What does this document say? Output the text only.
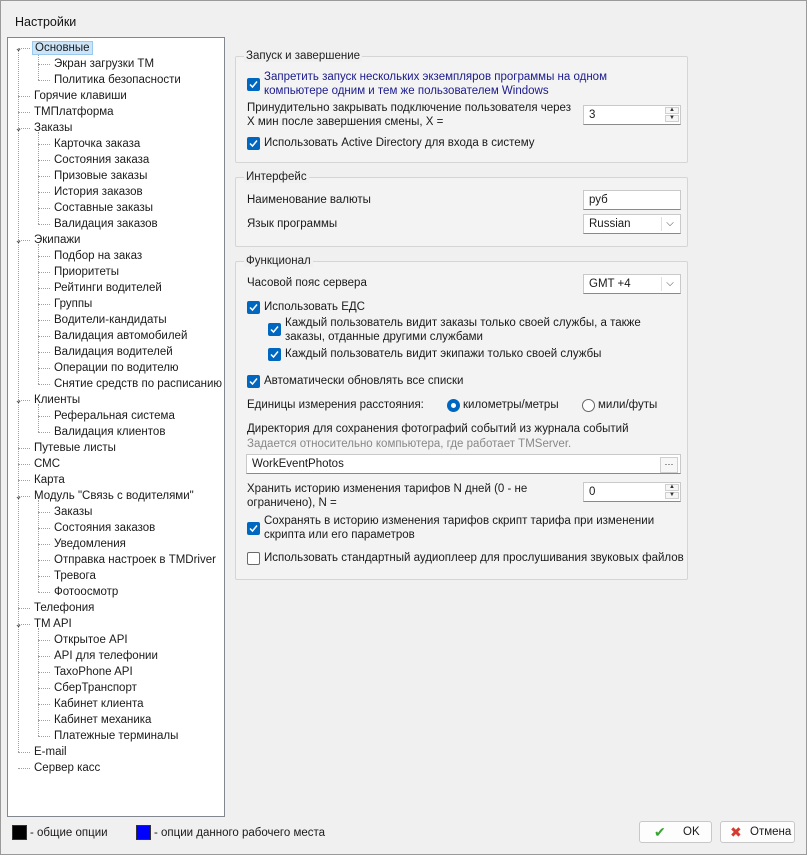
Настройки
Основные
⌄
Экран загрузки TM
Политика безопасности
Горячие клавиши
TMПлатформа
Заказы
⌄
Карточка заказа
Состояния заказа
Призовые заказы
История заказов
Составные заказы
Валидация заказов
Экипажи
⌄
Подбор на заказ
Приоритеты
Рейтинги водителей
Группы
Водители-кандидаты
Валидация автомобилей
Валидация водителей
Операции по водителю
Снятие средств по расписанию
Клиенты
⌄
Реферальная система
Валидация клиентов
Путевые листы
СМС
Карта
Модуль "Связь с водителями"
⌄
Заказы
Состояния заказов
Уведомления
Отправка настроек в TMDriver
Тревога
Фотоосмотр
Телефония
TM API
⌄
Открытое API
API для телефонии
TaxoPhone API
СберТранспорт
Кабинет клиента
Кабинет механика
Платежные терминалы
E-mail
Сервер касс
Запуск и завершение
Запретить запуск нескольких экземпляров программы на одном компьютере одним и тем же пользователем Windows
Принудительно закрывать подключение пользователя через X мин после завершения смены, X =
3	▲
▼
Использовать Active Directory для входа в систему
Интерфейс
Наименование валюты	руб
Язык программы	Russian	⌵
Функционал
Часовой пояс сервера	GMT +4	⌵
Использовать ЕДС
Каждый пользователь видит заказы только своей службы, а также заказы, отданные другими службами
Каждый пользователь видит экипажи только своей службы
Автоматически обновлять все списки
Единицы измерения расстояния:	километры/метры	мили/футы
Директория для сохранения фотографий событий из журнала событий
Задается относительно компьютера, где работает TMServer.
WorkEventPhotos	···
Хранить историю изменения тарифов N дней (0 - не ограничено), N =
0	▲
▼
Сохранять в историю изменения тарифов скрипт тарифа при изменении скрипта или его параметров
Использовать стандартный аудиоплеер для прослушивания звуковых файлов
- общие опции	- опции данного рабочего места	✔ OK ✖ Отмена
